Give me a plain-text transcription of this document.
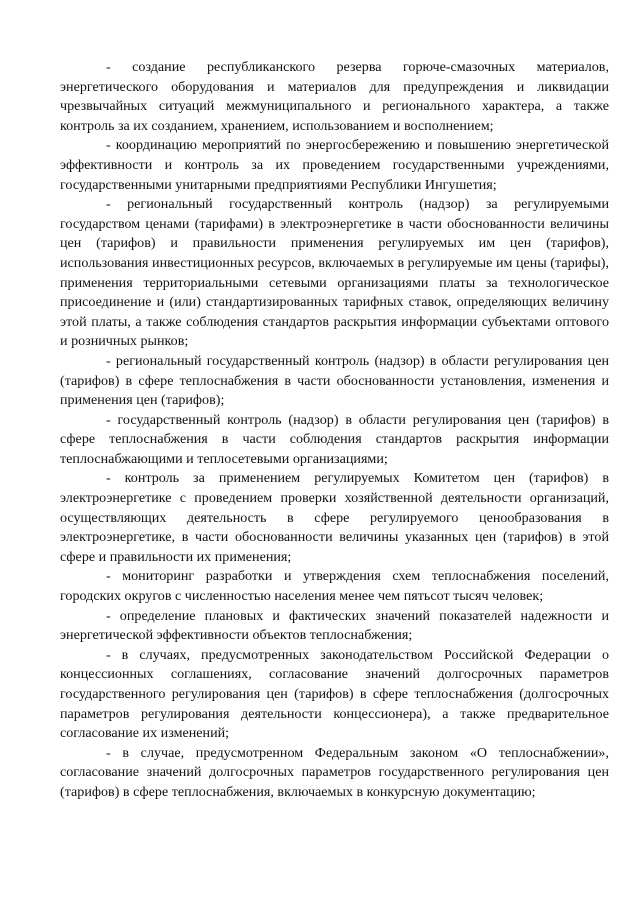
- создание республиканского резерва горюче-смазочных материалов, энергетического оборудования и материалов для предупреждения и ликвидации чрезвычайных ситуаций межмуниципального и регионального характера, а также контроль за их созданием, хранением, использованием и восполнением;

- координацию мероприятий по энергосбережению и повышению энергетической эффективности и контроль за их проведением государственными учреждениями, государственными унитарными предприятиями Республики Ингушетия;

- региональный государственный контроль (надзор) за регулируемыми государством ценами (тарифами) в электроэнергетике в части обоснованности величины цен (тарифов) и правильности применения регулируемых им цен (тарифов), использования инвестиционных ресурсов, включаемых в регулируемые им цены (тарифы), применения территориальными сетевыми организациями платы за технологическое присоединение и (или) стандартизированных тарифных ставок, определяющих величину этой платы, а также соблюдения стандартов раскрытия информации субъектами оптового и розничных рынков;

- региональный государственный контроль (надзор) в области регулирования цен (тарифов) в сфере теплоснабжения в части обоснованности установления, изменения и применения цен (тарифов);

- государственный контроль (надзор) в области регулирования цен (тарифов) в сфере теплоснабжения в части соблюдения стандартов раскрытия информации теплоснабжающими и теплосетевыми организациями;

- контроль за применением регулируемых Комитетом цен (тарифов) в электроэнергетике с проведением проверки хозяйственной деятельности организаций, осуществляющих деятельность в сфере регулируемого ценообразования в электроэнергетике, в части обоснованности величины указанных цен (тарифов) в этой сфере и правильности их применения;

- мониторинг разработки и утверждения схем теплоснабжения поселений, городских округов с численностью населения менее чем пятьсот тысяч человек;

- определение плановых и фактических значений показателей надежности и энергетической эффективности объектов теплоснабжения;

- в случаях, предусмотренных законодательством Российской Федерации о концессионных соглашениях, согласование значений долгосрочных параметров государственного регулирования цен (тарифов) в сфере теплоснабжения (долгосрочных параметров регулирования деятельности концессионера), а также предварительное согласование их изменений;

- в случае, предусмотренном Федеральным законом «О теплоснабжении», согласование значений долгосрочных параметров государственного регулирования цен (тарифов) в сфере теплоснабжения, включаемых в конкурсную документацию;
